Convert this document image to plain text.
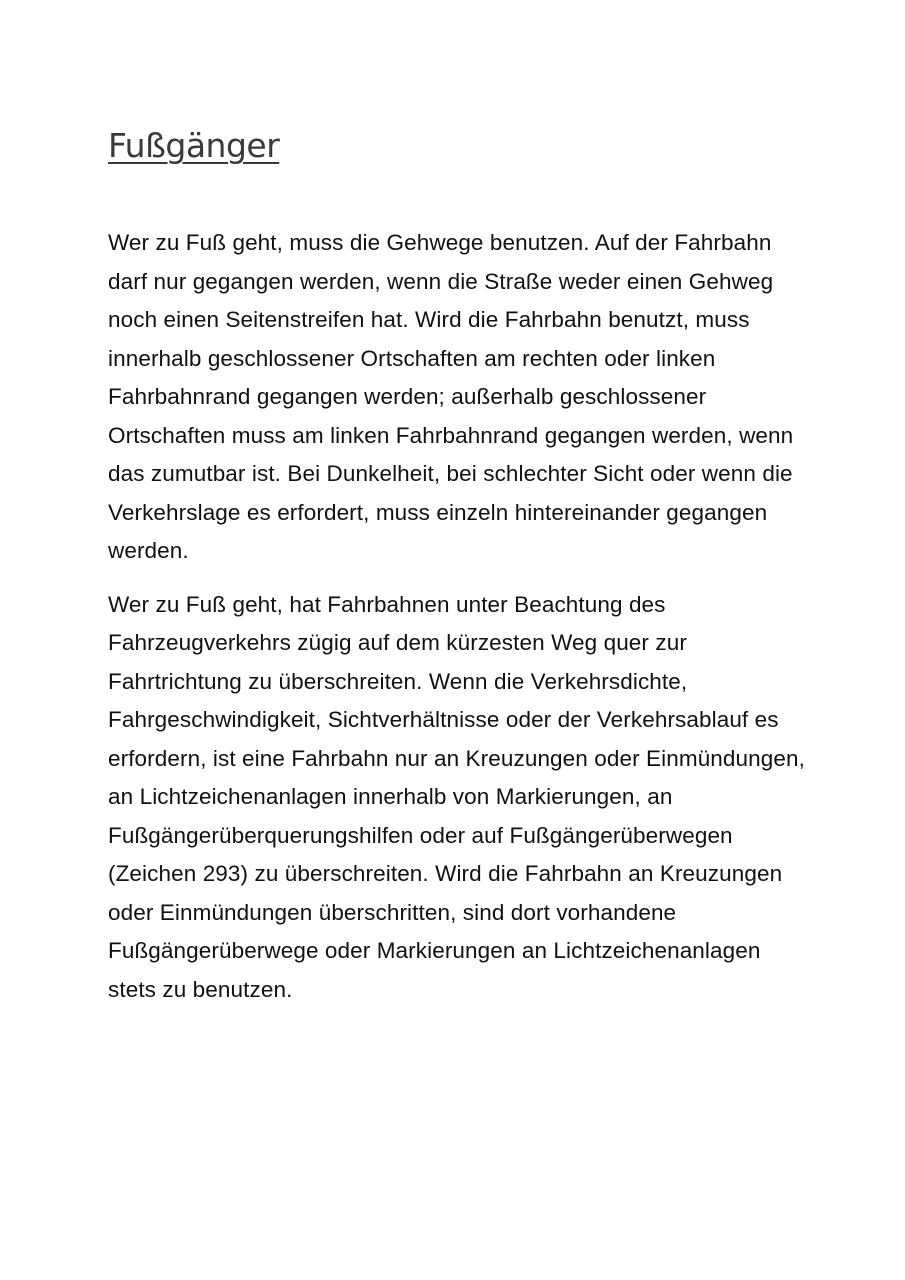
Fußgänger

Wer zu Fuß geht, muss die Gehwege benutzen. Auf der Fahrbahn darf nur gegangen werden, wenn die Straße weder einen Gehweg noch einen Seitenstreifen hat. Wird die Fahrbahn benutzt, muss innerhalb geschlossener Ortschaften am rechten oder linken Fahrbahnrand gegangen werden; außerhalb geschlossener Ortschaften muss am linken Fahrbahnrand gegangen werden, wenn das zumutbar ist. Bei Dunkelheit, bei schlechter Sicht oder wenn die Verkehrslage es erfordert, muss einzeln hintereinander gegangen werden.

Wer zu Fuß geht, hat Fahrbahnen unter Beachtung des Fahrzeugverkehrs zügig auf dem kürzesten Weg quer zur Fahrtrichtung zu überschreiten. Wenn die Verkehrsdichte, Fahrgeschwindigkeit, Sichtverhältnisse oder der Verkehrsablauf es erfordern, ist eine Fahrbahn nur an Kreuzungen oder Einmündungen, an Lichtzeichenanlagen innerhalb von Markierungen, an Fußgängerüberquerungshilfen oder auf Fußgängerüberwegen (Zeichen 293) zu überschreiten. Wird die Fahrbahn an Kreuzungen oder Einmündungen überschritten, sind dort vorhandene Fußgängerüberwege oder Markierungen an Lichtzeichenanlagen stets zu benutzen.
